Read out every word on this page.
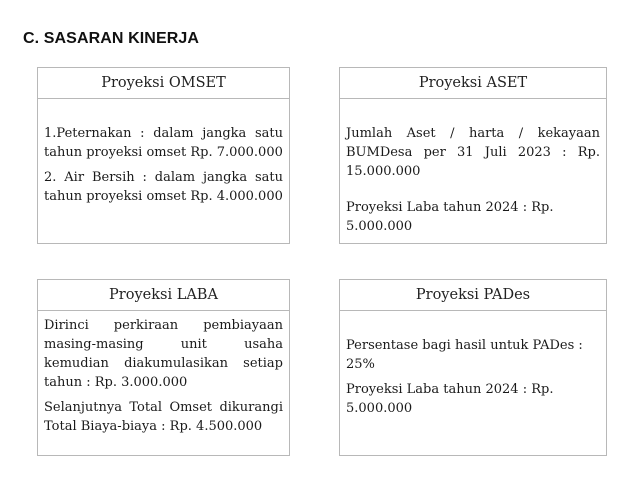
C. SASARAN KINERJA
Proyeksi OMSET

1.Peternakan : dalam jangka satu tahun proyeksi omset Rp. 7.000.000

2. Air Bersih : dalam jangka satu tahun proyeksi omset Rp. 4.000.000

Proyeksi ASET

Jumlah Aset / harta / kekayaan BUMDesa per 31 Juli 2023 : Rp. 15.000.000

Proyeksi Laba tahun 2024 : Rp. 5.000.000

Proyeksi LABA

Dirinci perkiraan pembiayaan masing-masing unit usaha kemudian diakumulasikan setiap tahun : Rp. 3.000.000

Selanjutnya Total Omset dikurangi Total Biaya-biaya : Rp. 4.500.000

Proyeksi PADes

Persentase bagi hasil untuk PADes : 25%

Proyeksi Laba tahun 2024 : Rp. 5.000.000
